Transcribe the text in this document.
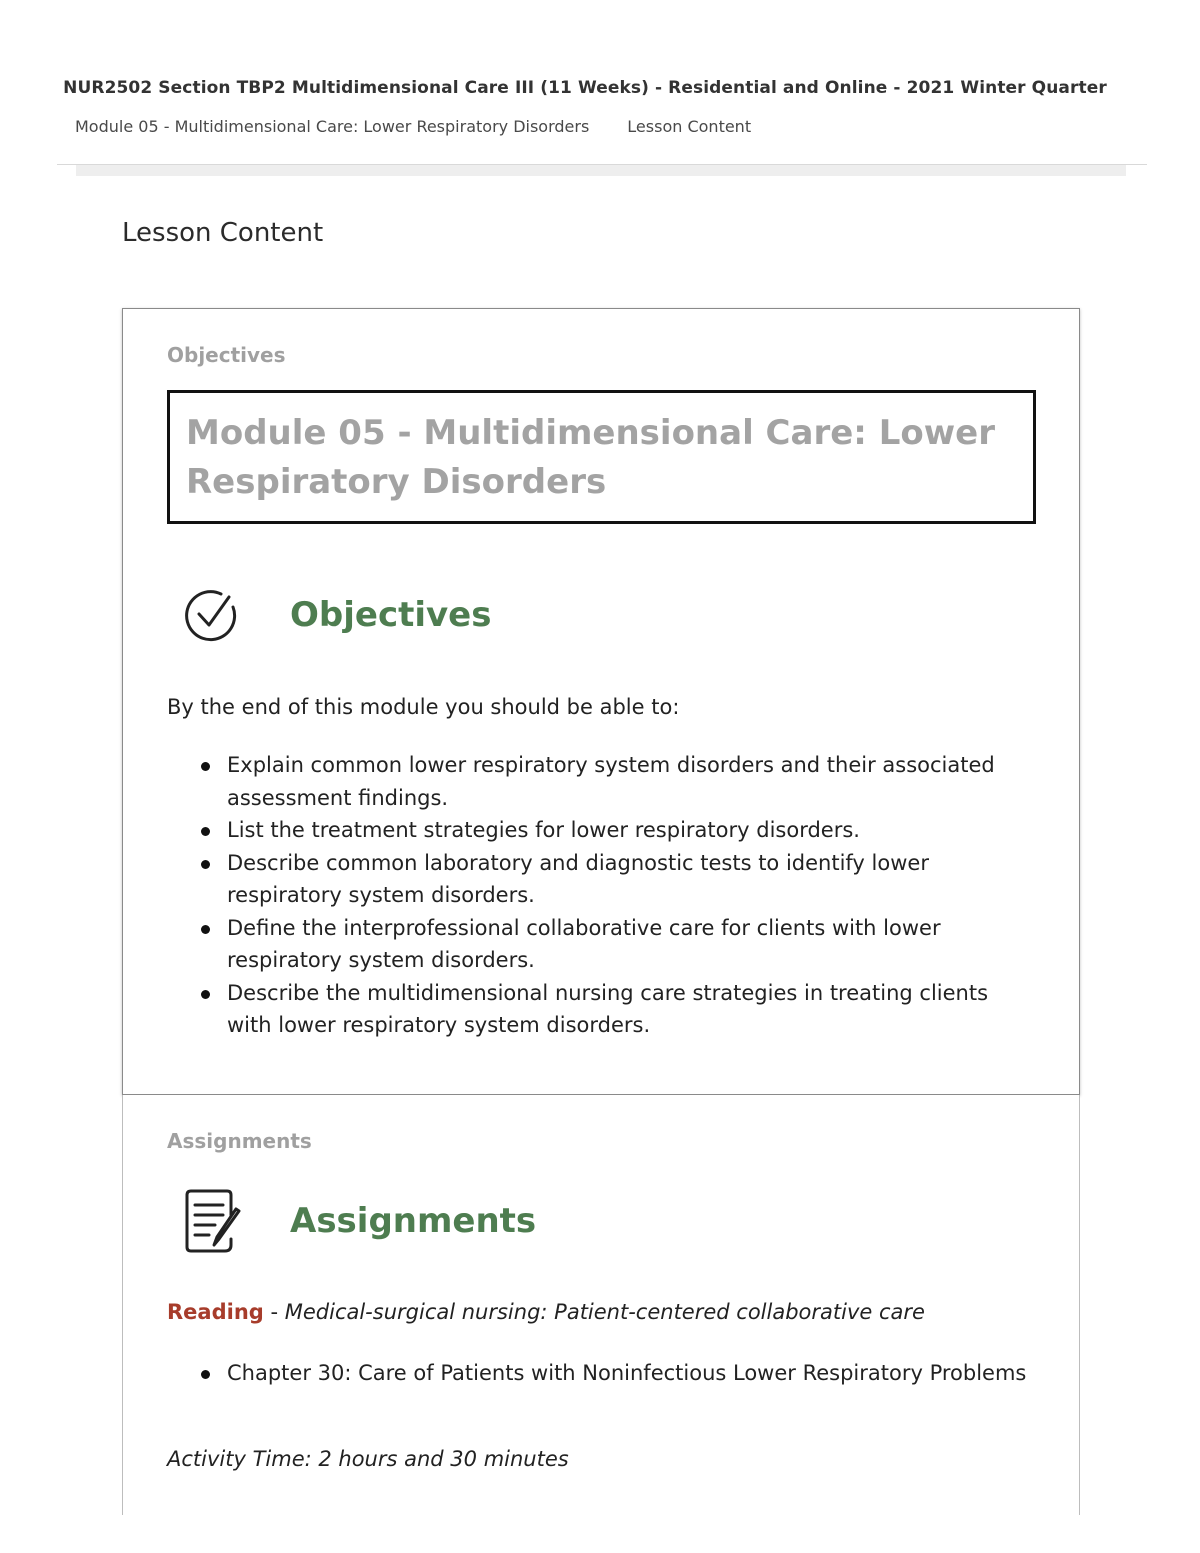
NUR2502 Section TBP2 Multidimensional Care III (11 Weeks) - Residential and Online - 2021 Winter Quarter
Module 05 - Multidimensional Care: Lower Respiratory Disorders Lesson Content
Lesson Content
Objectives
Module 05 - Multidimensional Care: Lower Respiratory Disorders
Objectives

By the end of this module you should be able to:

Explain common lower respiratory system disorders and their associated assessment findings.
List the treatment strategies for lower respiratory disorders.
Describe common laboratory and diagnostic tests to identify lower respiratory system disorders.
Define the interprofessional collaborative care for clients with lower respiratory system disorders.
Describe the multidimensional nursing care strategies in treating clients with lower respiratory system disorders.
Assignments
Assignments

Reading - Medical-surgical nursing: Patient-centered collaborative care

Chapter 30: Care of Patients with Noninfectious Lower Respiratory Problems

Activity Time: 2 hours and 30 minutes
